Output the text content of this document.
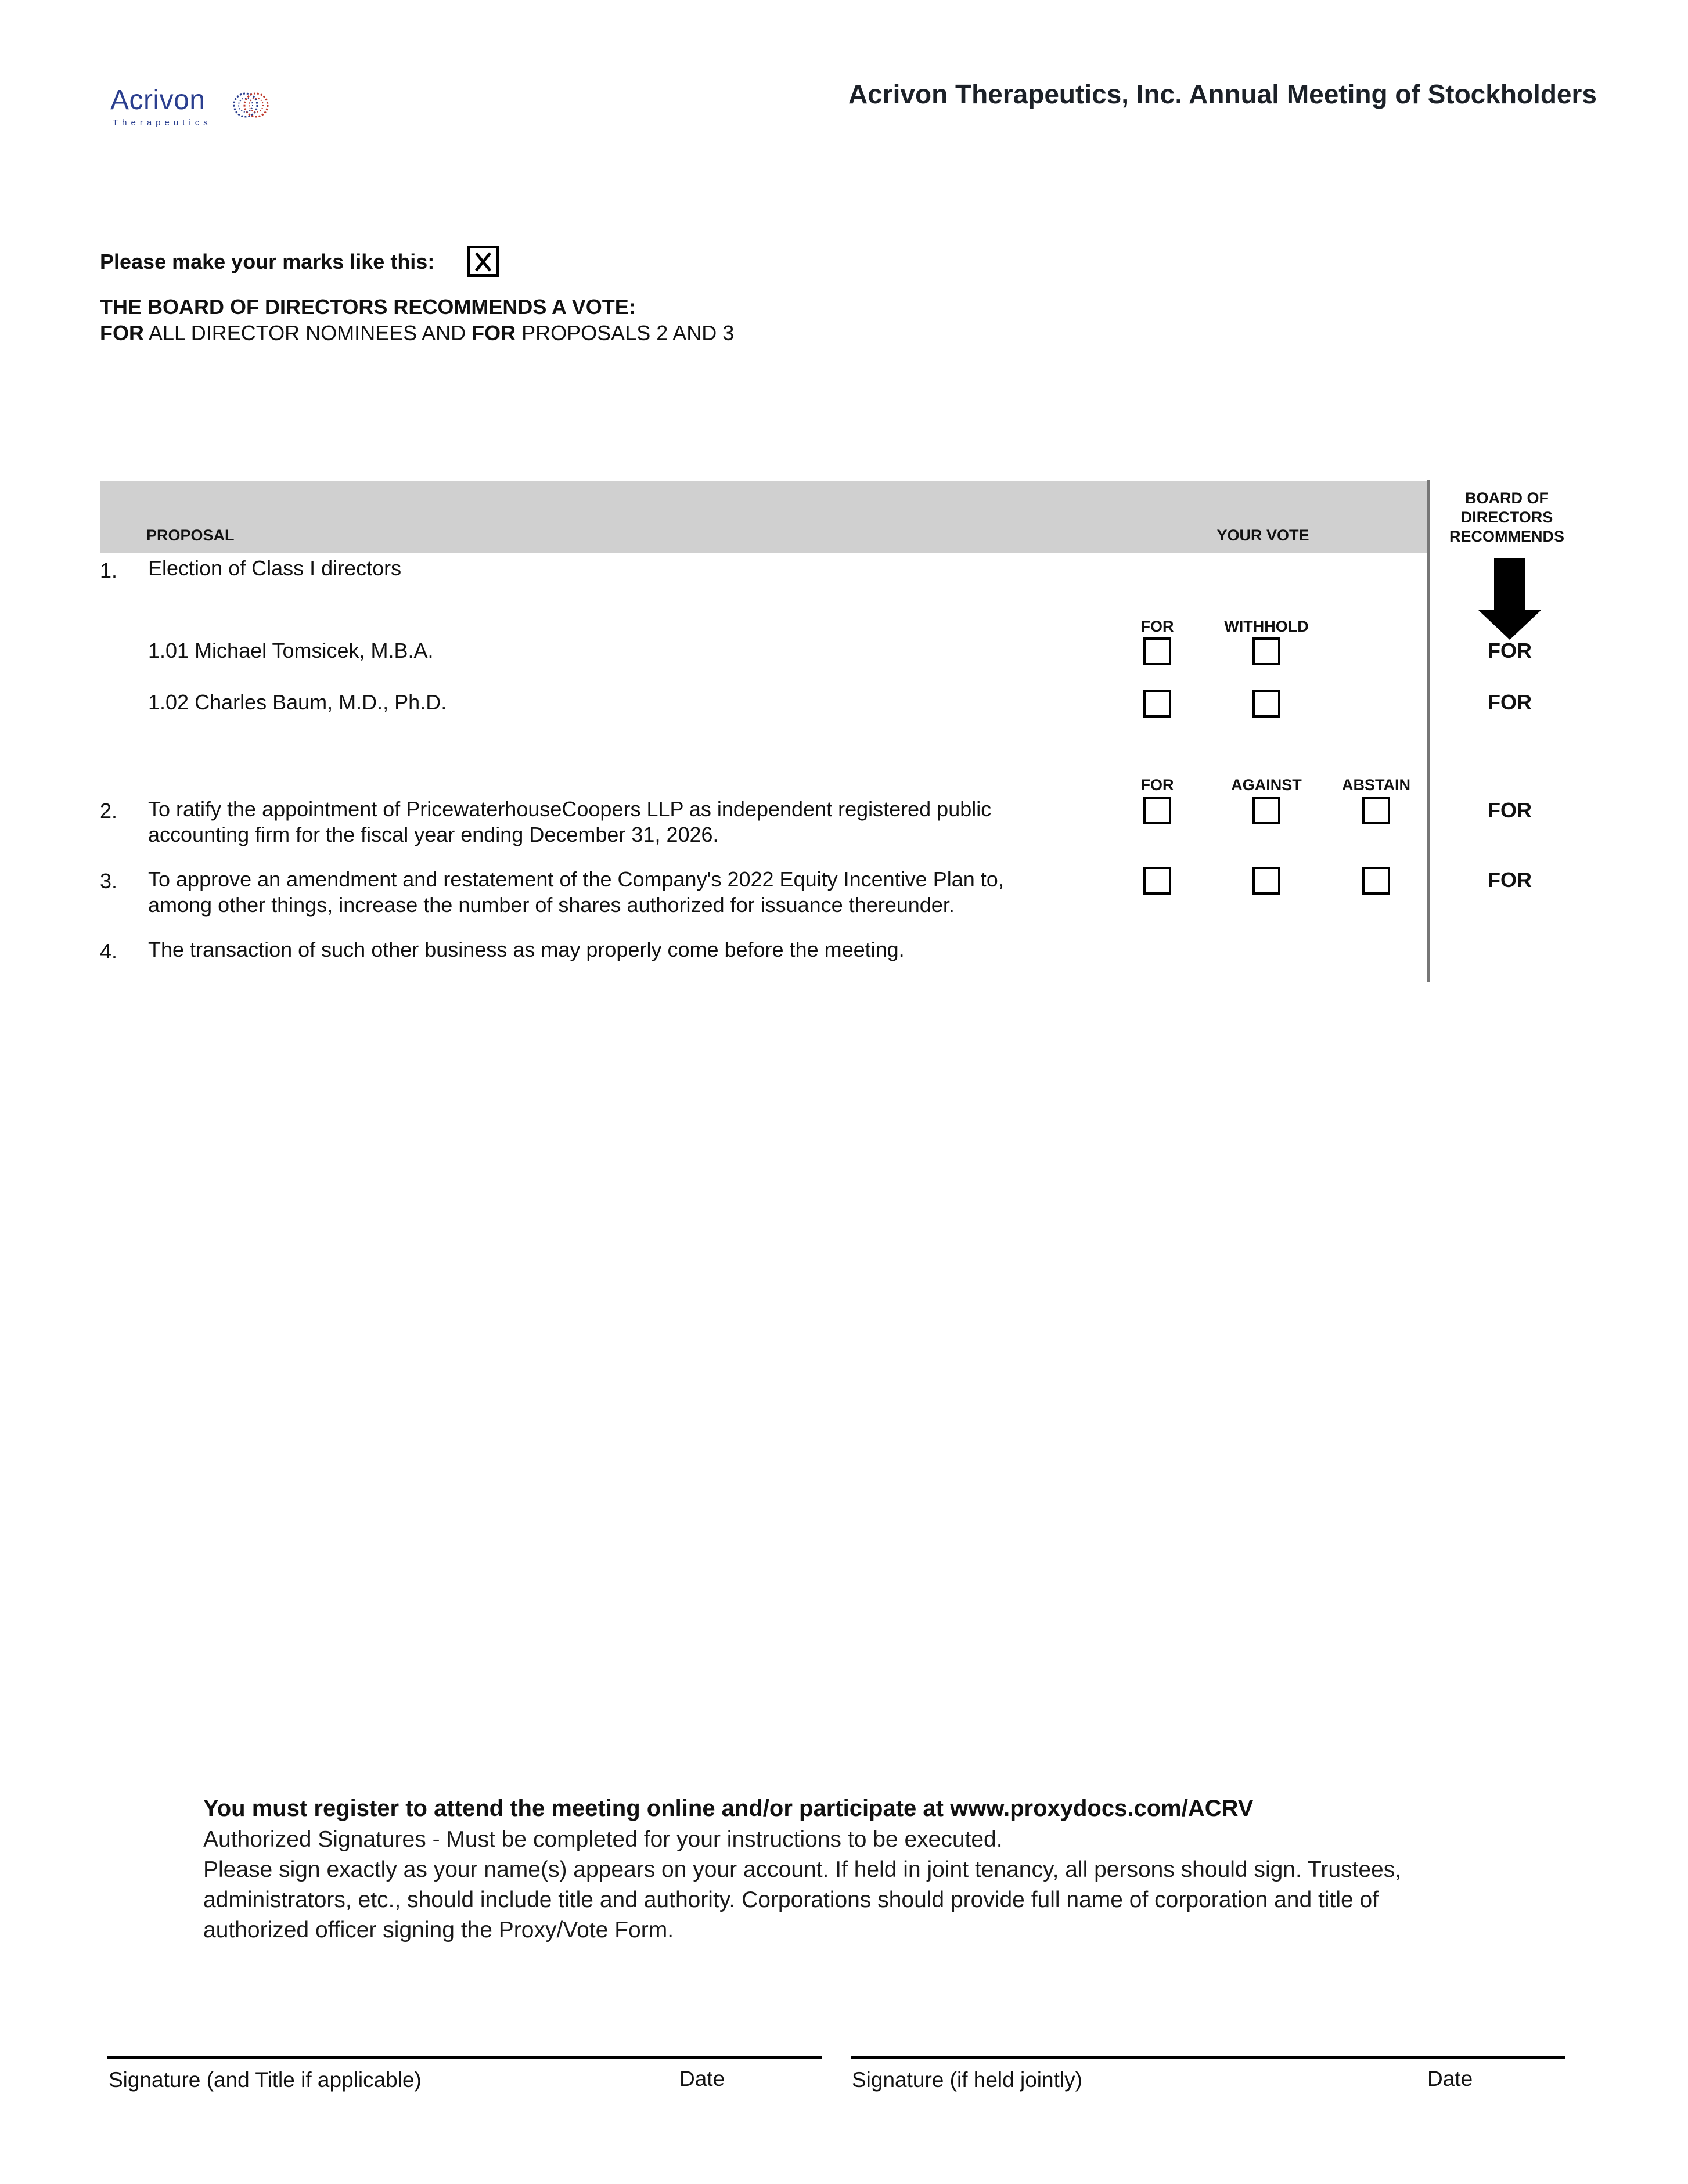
Acrivon
Therapeutics
Acrivon Therapeutics, Inc. Annual Meeting of Stockholders
Please make your marks like this:
THE BOARD OF DIRECTORS RECOMMENDS A VOTE:
FOR ALL DIRECTOR NOMINEES AND FOR PROPOSALS 2 AND 3
PROPOSAL	YOUR VOTE
BOARD OF
DIRECTORS
RECOMMENDS
1. Election of Class I directors
FOR	WITHHOLD
1.01 Michael Tomsicek, M.B.A.	FOR
1.02 Charles Baum, M.D., Ph.D.	FOR
FOR	AGAINST	ABSTAIN
2. To ratify the appointment of PricewaterhouseCoopers LLP as independent registered public
accounting firm for the fiscal year ending December 31, 2026.
FOR
3. To approve an amendment and restatement of the Company's 2022 Equity Incentive Plan to,
among other things, increase the number of shares authorized for issuance thereunder.
FOR
4. The transaction of such other business as may properly come before the meeting.
You must register to attend the meeting online and/or participate at www.proxydocs.com/ACRV
Authorized Signatures - Must be completed for your instructions to be executed.
Please sign exactly as your name(s) appears on your account. If held in joint tenancy, all persons should sign. Trustees, administrators, etc., should include title and authority. Corporations should provide full name of corporation and title of authorized officer signing the Proxy/Vote Form.
Signature (and Title if applicable)	Date	Signature (if held jointly)	Date
